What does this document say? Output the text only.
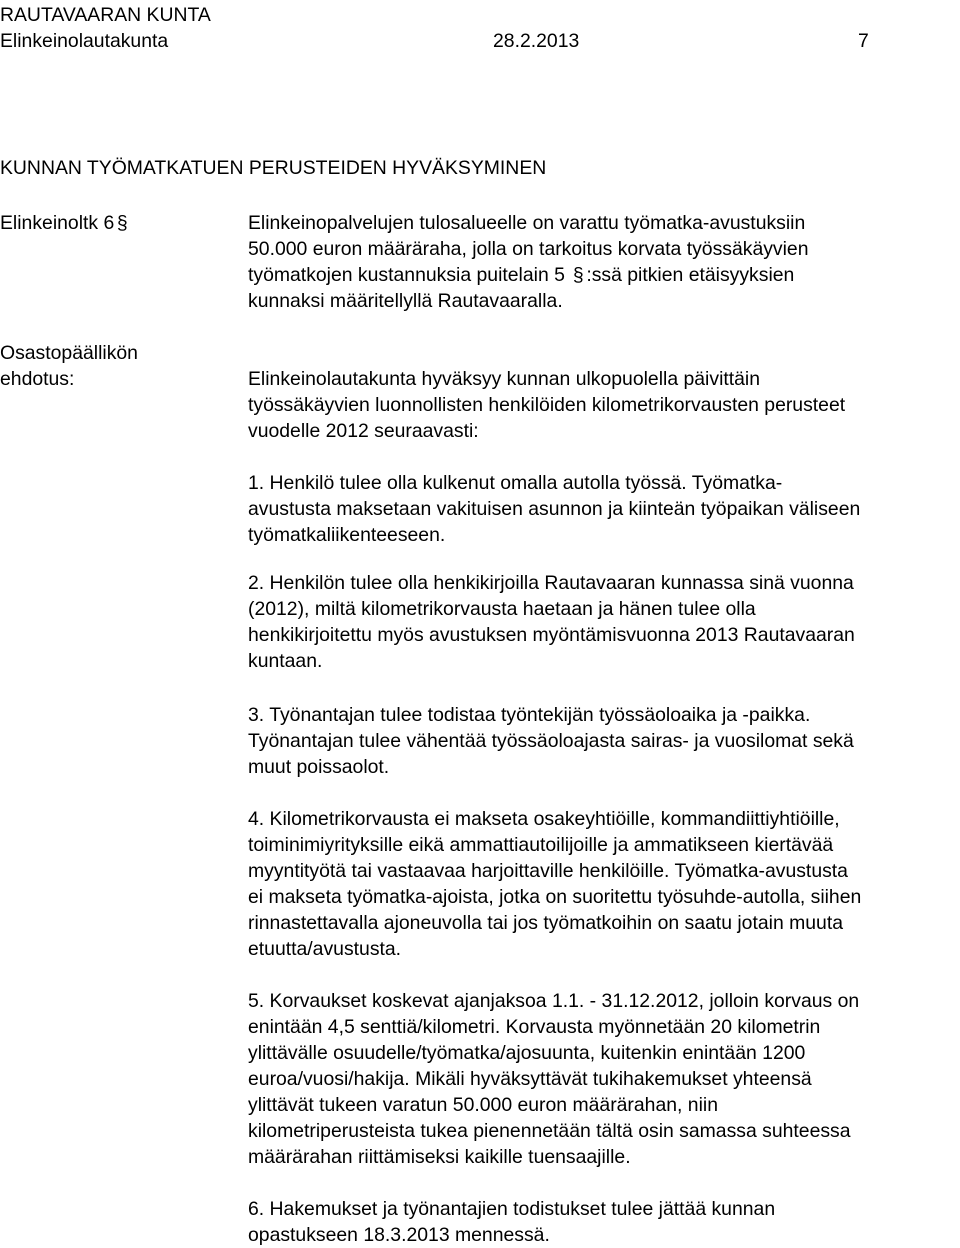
RAUTAVAARAN KUNTA
Elinkeinolautakunta	28.2.2013	7
KUNNAN TYÖMATKATUEN PERUSTEIDEN HYVÄKSYMINEN
Elinkeinoltk 6 §
Osastopäällikön
ehdotus:
Elinkeinopalvelujen tulosalueelle on varattu työmatka-avustuksiin
50.000 euron määräraha, jolla on tarkoitus korvata työssäkäyvien
työmatkojen kustannuksia puitelain 5 § :ssä pitkien etäisyyksien
kunnaksi määritellyllä Rautavaaralla.
Elinkeinolautakunta hyväksyy kunnan ulkopuolella päivittäin
työssäkäyvien luonnollisten henkilöiden kilometrikorvausten perusteet
vuodelle 2012 seuraavasti:
1. Henkilö tulee olla kulkenut omalla autolla työssä. Työmatka-
avustusta maksetaan vakituisen asunnon ja kiinteän työpaikan väliseen
työmatkaliikenteeseen.
2. Henkilön tulee olla henkikirjoilla Rautavaaran kunnassa sinä vuonna
(2012), miltä kilometrikorvausta haetaan ja hänen tulee olla
henkikirjoitettu myös avustuksen myöntämisvuonna 2013 Rautavaaran
kuntaan.
3. Työnantajan tulee todistaa työntekijän työssäoloaika ja -paikka.
Työnantajan tulee vähentää työssäoloajasta sairas- ja vuosilomat sekä
muut poissaolot.
4. Kilometrikorvausta ei makseta osakeyhtiöille, kommandiittiyhtiöille,
toiminimiyrityksille eikä ammattiautoilijoille ja ammatikseen kiertävää
myyntityötä tai vastaavaa harjoittaville henkilöille. Työmatka-avustusta
ei makseta työmatka-ajoista, jotka on suoritettu työsuhde-autolla, siihen
rinnastettavalla ajoneuvolla tai jos työmatkoihin on saatu jotain muuta
etuutta/avustusta.
5. Korvaukset koskevat ajanjaksoa 1.1. - 31.12.2012, jolloin korvaus on
enintään 4,5 senttiä/kilometri. Korvausta myönnetään 20 kilometrin
ylittävälle osuudelle/työmatka/ajosuunta, kuitenkin enintään 1200
euroa/vuosi/hakija. Mikäli hyväksyttävät tukihakemukset yhteensä
ylittävät tukeen varatun 50.000 euron määrärahan, niin
kilometriperusteista tukea pienennetään tältä osin samassa suhteessa
määrärahan riittämiseksi kaikille tuensaajille.
6. Hakemukset ja työnantajien todistukset tulee jättää kunnan
opastukseen 18.3.2013 mennessä.
